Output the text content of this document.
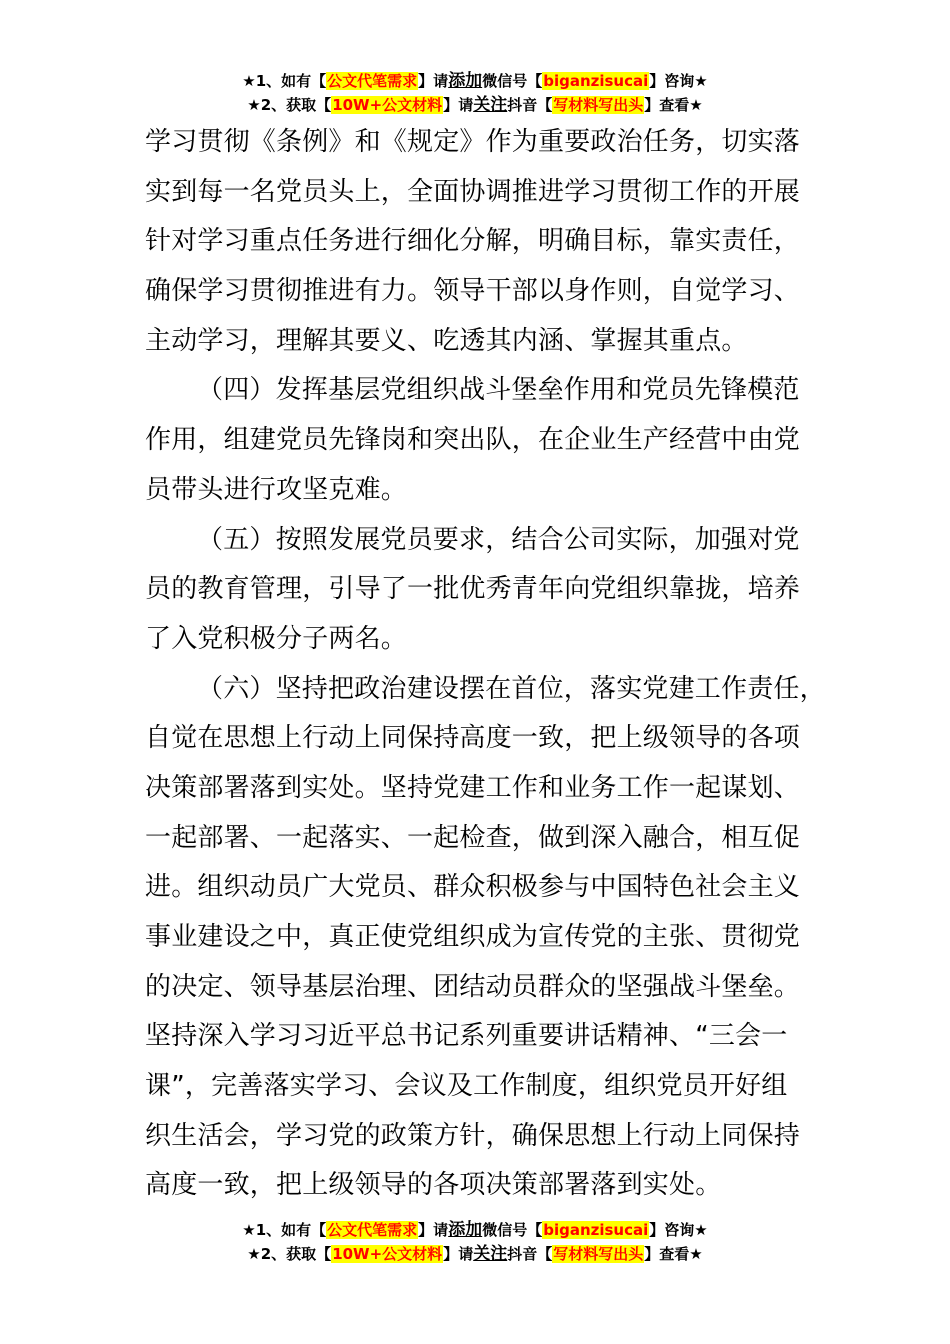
★1、如有【公文代笔需求】请添加微信号【biganzisucai】咨询★
★2、获取【10W+公文材料】请关注抖音【写材料写出头】查看★
学习贯彻《条例》和《规定》作为重要政治任务，切实落
实到每一名党员头上，全面协调推进学习贯彻工作的开展
针对学习重点任务进行细化分解，明确目标，靠实责任，
确保学习贯彻推进有力。领导干部以身作则，自觉学习、
主动学习，理解其要义、吃透其内涵、掌握其重点。
（四）发挥基层党组织战斗堡垒作用和党员先锋模范
作用，组建党员先锋岗和突出队，在企业生产经营中由党
员带头进行攻坚克难。
（五）按照发展党员要求，结合公司实际，加强对党
员的教育管理，引导了一批优秀青年向党组织靠拢，培养
了入党积极分子两名。
（六）坚持把政治建设摆在首位，落实党建工作责任，
自觉在思想上行动上同保持高度一致，把上级领导的各项
决策部署落到实处。坚持党建工作和业务工作一起谋划、
一起部署、一起落实、一起检查，做到深入融合，相互促
进。组织动员广大党员、群众积极参与中国特色社会主义
事业建设之中，真正使党组织成为宣传党的主张、贯彻党
的决定、领导基层治理、团结动员群众的坚强战斗堡垒。
坚持深入学习习近平总书记系列重要讲话精神、“三会一
课”，完善落实学习、会议及工作制度，组织党员开好组
织生活会，学习党的政策方针，确保思想上行动上同保持
高度一致，把上级领导的各项决策部署落到实处。
★1、如有【公文代笔需求】请添加微信号【biganzisucai】咨询★
★2、获取【10W+公文材料】请关注抖音【写材料写出头】查看★
